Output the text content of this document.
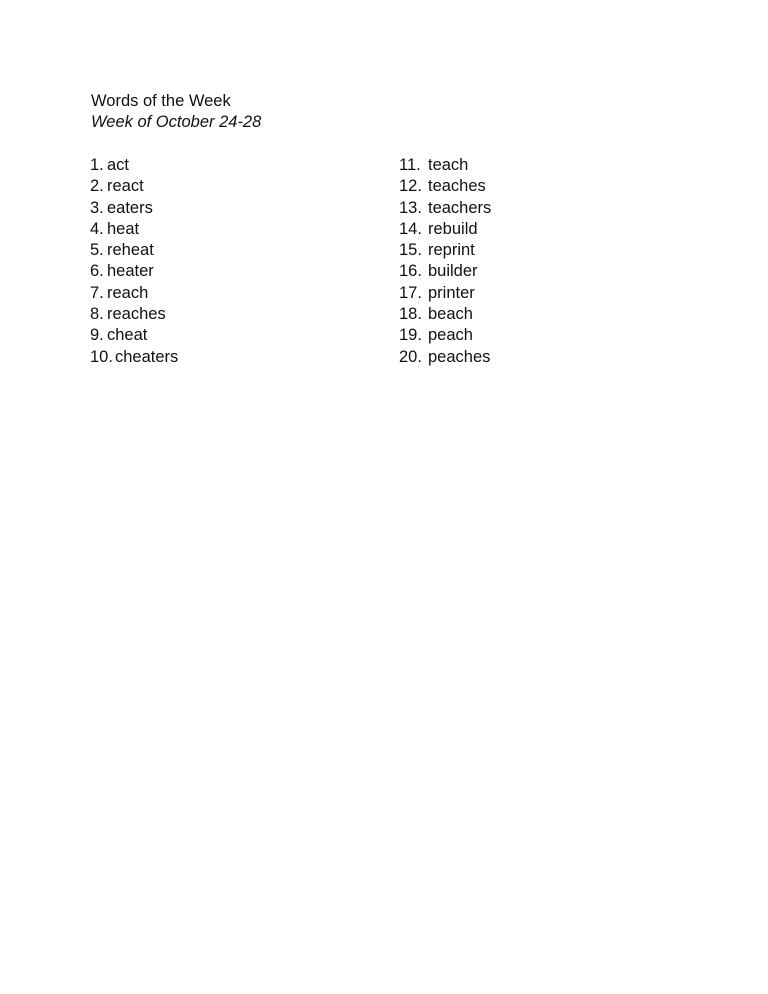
Words of the Week
Week of October 24-28
1. act
2. react
3. eaters
4. heat
5. reheat
6. heater
7. reach
8. reaches
9. cheat
10. cheaters
11. teach
12. teaches
13. teachers
14. rebuild
15. reprint
16. builder
17. printer
18. beach
19. peach
20. peaches
